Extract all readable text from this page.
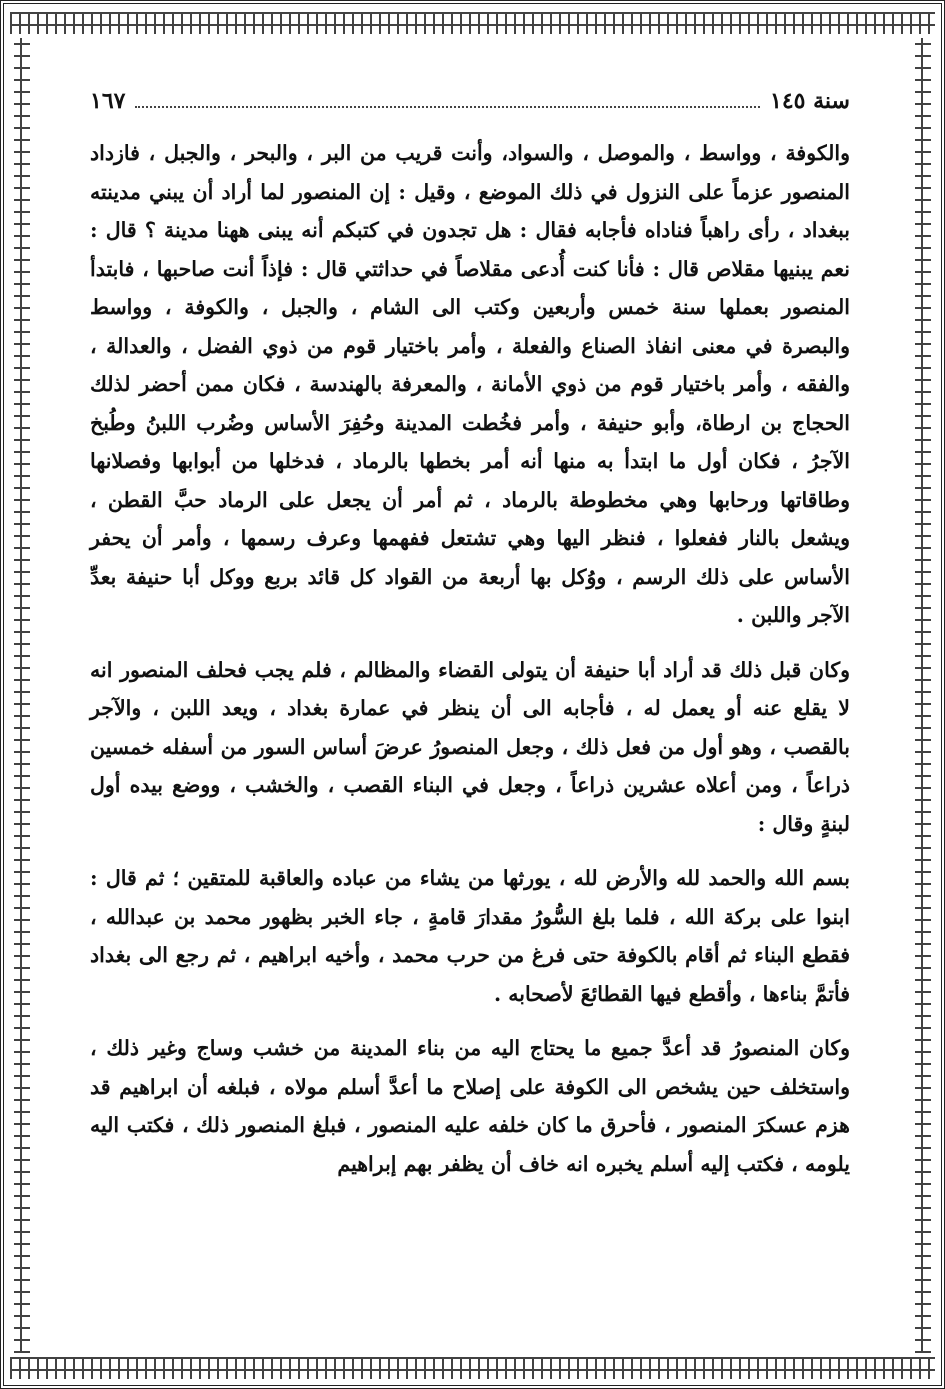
سنة ١٤٥
١٦٧

والكوفة ، وواسط ، والموصل ، والسواد، وأنت قريب من البر ، والبحر ، والجبل ، فازداد المنصور عزماً على النزول في ذلك الموضع ، وقيل : إن المنصور لما أراد أن يبني مدينته ببغداد ، رأى راهباً فناداه فأجابه فقال : هل تجدون في كتبكم أنه يبنى ههنا مدينة ؟ قال : نعم يبنيها مقلاص قال : فأنا كنت أُدعى مقلاصاً في حداثتي قال : فإذاً أنت صاحبها ، فابتدأ المنصور بعملها سنة خمس وأربعين وكتب الى الشام ، والجبل ، والكوفة ، وواسط والبصرة في معنى انفاذ الصناع والفعلة ، وأمر باختيار قوم من ذوي الفضل ، والعدالة ، والفقه ، وأمر باختيار قوم من ذوي الأمانة ، والمعرفة بالهندسة ، فكان ممن أحضر لذلك الحجاج بن ارطاة، وأبو حنيفة ، وأمر فخُطت المدينة وحُفِرَ الأساس وضُرب اللبنُ وطُبخ الآجرُ ، فكان أول ما ابتدأ به منها أنه أمر بخطها بالرماد ، فدخلها من أبوابها وفصلانها وطاقاتها ورحابها وهي مخطوطة بالرماد ، ثم أمر أن يجعل على الرماد حبَّ القطن ، ويشعل بالنار ففعلوا ، فنظر اليها وهي تشتعل ففهمها وعرف رسمها ، وأمر أن يحفر الأساس على ذلك الرسم ، ووُكل بها أربعة من القواد كل قائد بربع ووكل أبا حنيفة بعدِّ الآجر واللبن .

وكان قبل ذلك قد أراد أبا حنيفة أن يتولى القضاء والمظالم ، فلم يجب فحلف المنصور انه لا يقلع عنه أو يعمل له ، فأجابه الى أن ينظر في عمارة بغداد ، ويعد اللبن ، والآجر بالقصب ، وهو أول من فعل ذلك ، وجعل المنصورُ عرضَ أساس السور من أسفله خمسين ذراعاً ، ومن أعلاه عشرين ذراعاً ، وجعل في البناء القصب ، والخشب ، ووضع بيده أول لبنةٍ وقال :

بسم الله والحمد لله والأرض لله ، يورثها من يشاء من عباده والعاقبة للمتقين ؛ ثم قال : ابنوا على بركة الله ، فلما بلغ السُّورُ مقدارَ قامةٍ ، جاء الخبر بظهور محمد بن عبدالله ، فقطع البناء ثم أقام بالكوفة حتى فرغ من حرب محمد ، وأخيه ابراهيم ، ثم رجع الى بغداد فأتمَّ بناءها ، وأقطع فيها القطائعَ لأصحابه .

وكان المنصورُ قد أعدَّ جميع ما يحتاج اليه من بناء المدينة من خشب وساج وغير ذلك ، واستخلف حين يشخص الى الكوفة على إصلاح ما أعدَّ أسلم مولاه ، فبلغه أن ابراهيم قد هزم عسكرَ المنصور ، فأحرق ما كان خلفه عليه المنصور ، فبلغ المنصور ذلك ، فكتب اليه يلومه ، فكتب إليه أسلم يخبره انه خاف أن يظفر بهم إبراهيم
